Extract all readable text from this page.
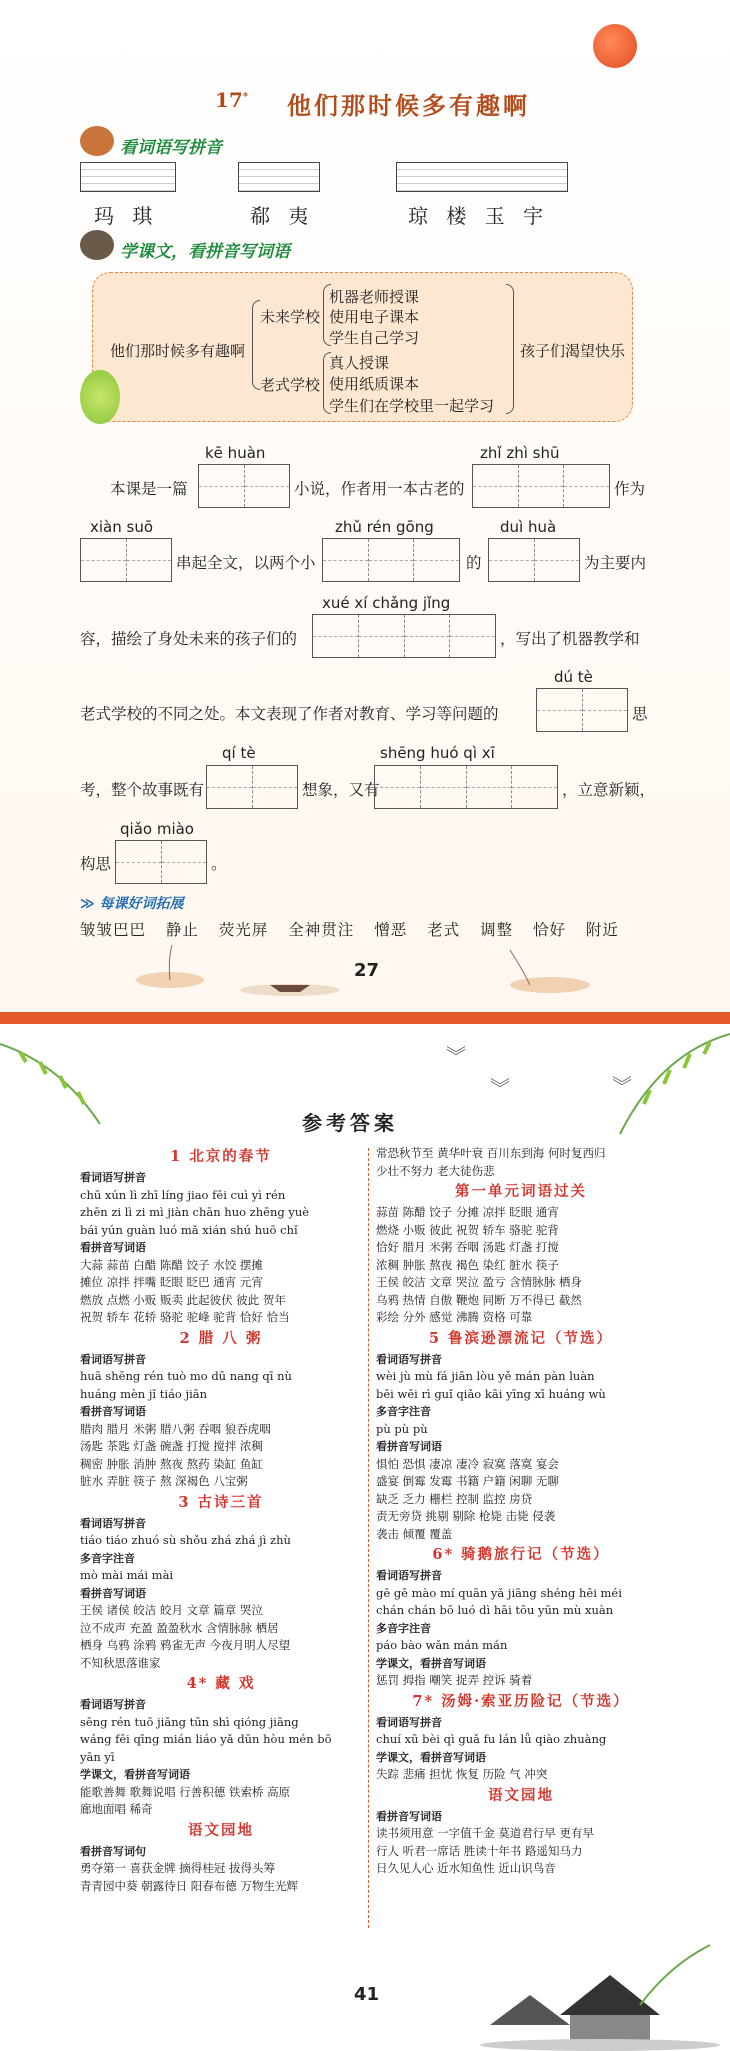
17* 他们那时候多有趣啊
看词语写拼音
玛 琪	郗 夷	琼 楼 玉 宇
学课文，看拼音写词语
他们那时候多有趣啊
未来学校
老式学校
机器老师授课
使用电子课本
学生自己学习
真人授课
使用纸质课本
学生们在学校里一起学习
孩子们渴望快乐
kē huàn	zhǐ zhì shū
本课是一篇	小说，作者用一本古老的	作为
xiàn suō	zhǔ rén gōng	duì huà
串起全文，以两个小	的	为主要内
xué xí chǎng jǐng
容，描绘了身处未来的孩子们的	，写出了机器教学和
dú tè
老式学校的不同之处。本文表现了作者对教育、学习等问题的	思
qí tè	shēng huó qì xī
考，整个故事既有	想象，又有	，立意新颖，
qiǎo miào
构思	。
≫ 每课好词拓展
皱皱巴巴 静止 荧光屏 全神贯注 憎恶 老式 调整 恰好 附近
27
︾
︾	︾
参考答案
1 北京的春节
看词语写拼音
chū xún lì zhī líng jiao fēi cuì yì rén
zhēn zi lì zi mì jiàn chān huo zhēng yuè
bái yún guàn luó mǎ xián shú huō chǐ
看拼音写词语
大蒜 蒜苗 白醋 陈醋 饺子 水饺 摆摊
摊位 凉拌 拌嘴 眨眼 眨巴 通宵 元宵
燃放 点燃 小贩 贩卖 此起彼伏 彼此 贺年
祝贺 轿车 花轿 骆驼 驼峰 驼背 恰好 恰当
2 腊 八 粥
看词语写拼音
huā shēng rén tuò mo dū nang qī nù
huáng mèn jǐ tiáo jiān
看拼音写词语
腊肉 腊月 米粥 腊八粥 吞咽 狼吞虎咽
汤匙 茶匙 灯盏 碗盏 打搅 搅拌 浓稠
稠密 肿胀 消肿 熬夜 熬药 染缸 鱼缸
脏水 弄脏 筷子 熬 深褐色 八宝粥
3 古诗三首
看词语写拼音
tiáo tiáo zhuó sù shǒu zhá zhá jì zhù
多音字注音
mò mài mái mài
看拼音写词语
王侯 诸侯 皎洁 皎月 文章 篇章 哭泣
泣不成声 充盈 盈盈秋水 含情脉脉 栖居
栖身 乌鸦 涂鸦 鸦雀无声 今夜月明人尽望
不知秋思落谁家
4* 藏 戏
看词语写拼音
sēng rén tuō jiāng tūn shì qióng jiāng
wáng fēi qīng mián liáo yǎ dūn hòu mén bō
yān yī
学课文，看拼音写词语
能歌善舞 歌舞说唱 行善积德 铁索桥 高原
廊地面唱 稀奇
语文园地
看拼音写词句
勇夺第一 喜获金牌 摘得桂冠 拔得头筹
青青园中葵 朝露待日 阳春布德 万物生光辉
常恐秋节至 黄华叶衰 百川东到海 何时复西归
少壮不努力 老大徒伤悲
第一单元词语过关
蒜苗 陈醋 饺子 分摊 凉拌 眨眼 通宵
燃烧 小贩 彼此 祝贺 轿车 骆驼 驼背
恰好 腊月 米粥 吞咽 汤匙 灯盏 打搅
浓稠 肿胀 熬夜 褐色 染红 脏水 筷子
王侯 皎洁 文章 哭泣 盈亏 含情脉脉 栖身
乌鸦 热情 自傲 鞭炮 同断 万不得已 截然
彩绘 分外 感觉 沸腾 资格 可靠
5 鲁滨逊漂流记（节选）
看词语写拼音
wèi jù mù fá jiān lòu yě mán pàn luàn
bēi wēi rì guǐ qiǎo kāi yīng xī huáng wù
多音字注音
pù pù pù
看拼音写词语
惧怕 恐惧 凄凉 凄冷 寂寞 落寞 宴会
盛宴 倒霉 发霉 书籍 户籍 闲聊 无聊
缺乏 乏力 栅栏 控制 监控 房贷
责无旁贷 挑剔 剔除 枪毙 击毙 侵袭
袭击 倾覆 覆盖
6* 骑鹅旅行记（节选）
看词语写拼音
gē gē mào mí quān yǎ jiāng shéng hēi méi
chán chán bō luó dì hāi tōu yūn mù xuàn
多音字注音
páo bào wǎn mán mán
学课文，看拼音写词语
惩罚 拇指 嘲笑 捉弄 控诉 骑着
7* 汤姆·索亚历险记（节选）
看词语写拼音
chuí xū bèi qì guǎ fu lán lǚ qiào zhuàng
学课文，看拼音写词语
失踪 悲痛 担忧 恢复 历险 气 冲突
语文园地
看拼音写词语
读书须用意 一字值千金 莫道君行早 更有早
行人 听君一席话 胜读十年书 路遥知马力
日久见人心 近水知鱼性 近山识鸟音
41
